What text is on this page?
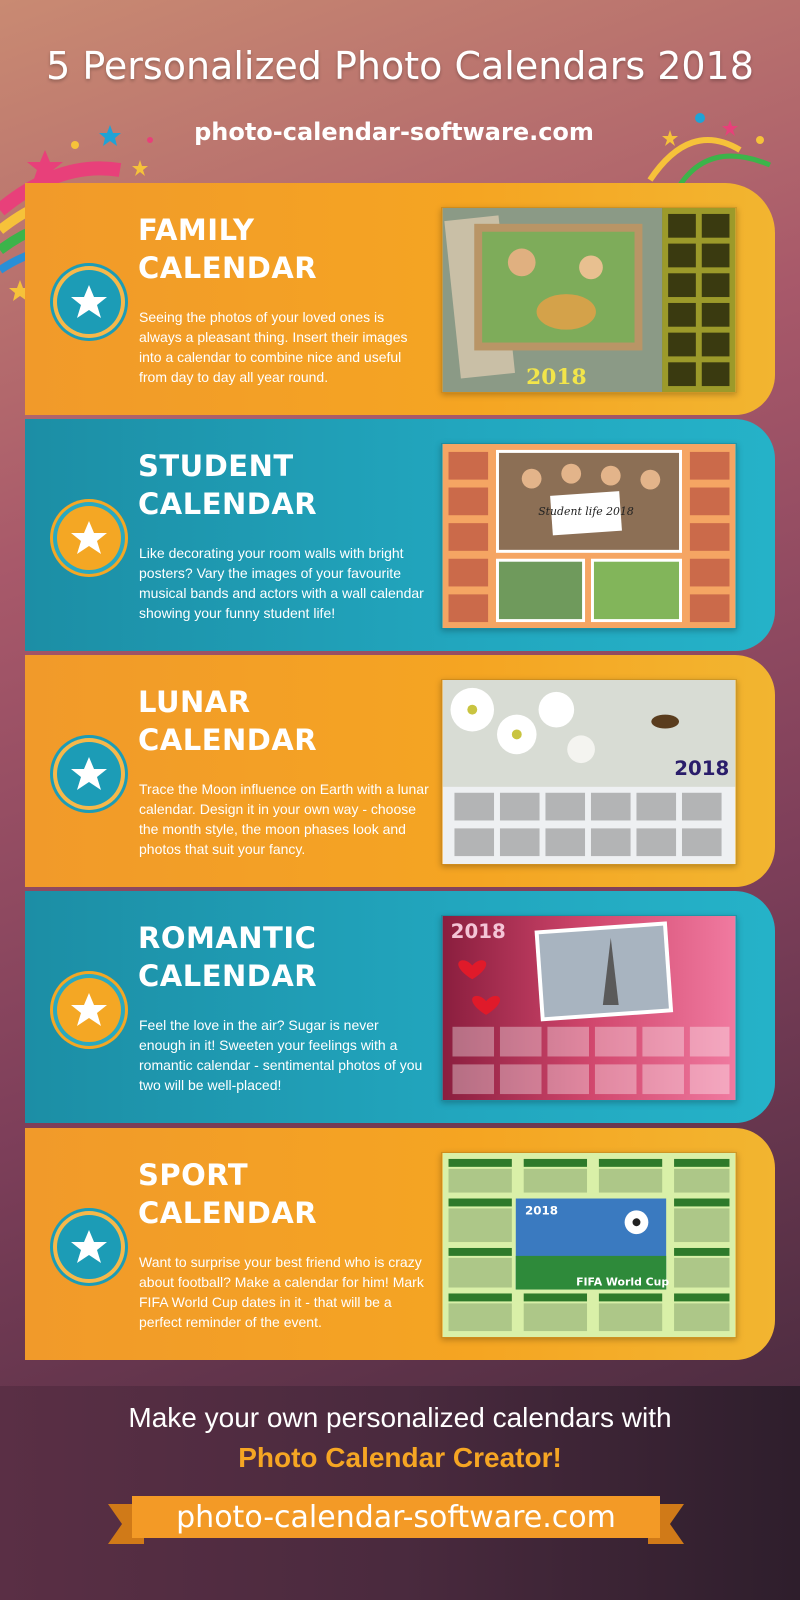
5 Personalized Photo Calendars 2018
photo-calendar-software.com
FAMILY
CALENDAR
Seeing the photos of your loved ones is always a pleasant thing. Insert their images into a calendar to combine nice and useful from day to day all year round.	2018
STUDENT
CALENDAR
Like decorating your room walls with bright posters? Vary the images of your favourite musical bands and actors with a wall calendar showing your funny student life!
Student life 2018
LUNAR
CALENDAR
Trace the Moon influence on Earth with a lunar calendar. Design it in your own way - choose the month style, the moon phases look and photos that suit your fancy.
2018
ROMANTIC
CALENDAR
Feel the love in the air? Sugar is never enough in it! Sweeten your feelings with a romantic calendar - sentimental photos of you two will be well-placed!
2018
SPORT
CALENDAR
Want to surprise your best friend who is crazy about football? Make a calendar for him! Mark FIFA World Cup dates in it - that will be a perfect reminder of the event.
2018
FIFA World Cup
Make your own personalized calendars with
Photo Calendar Creator!
photo-calendar-software.com
